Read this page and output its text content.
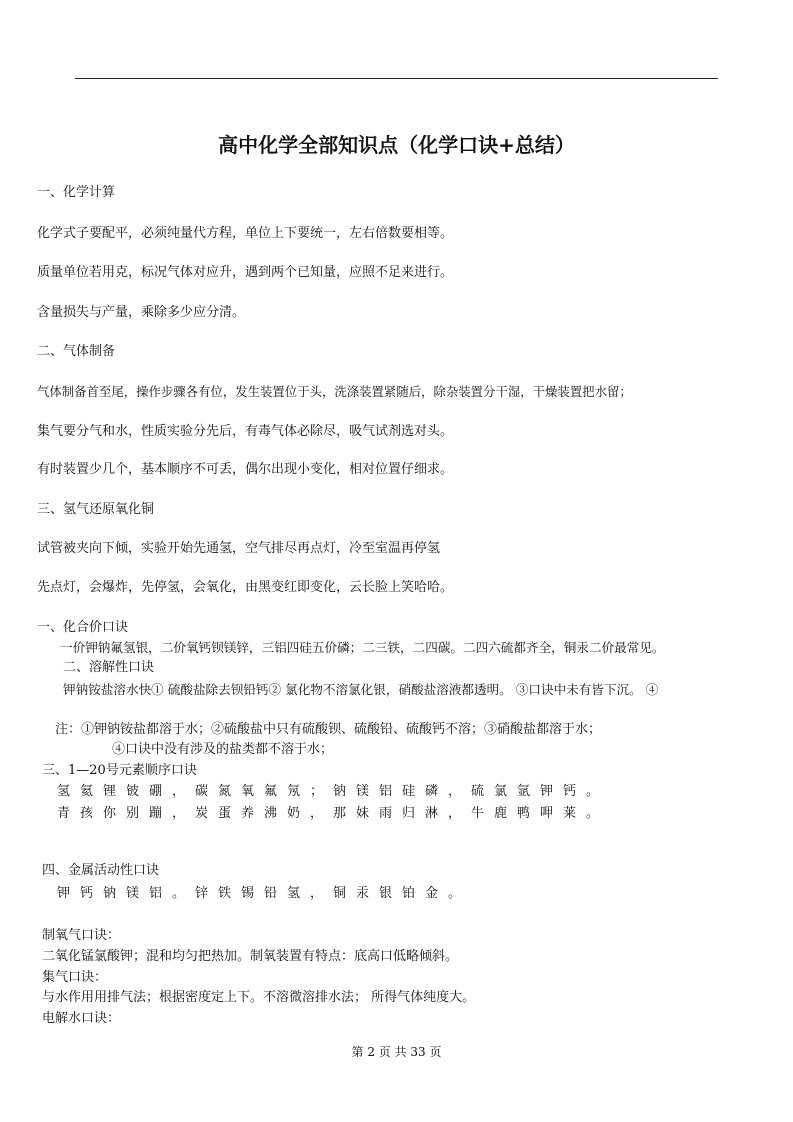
高中化学全部知识点（化学口诀+总结）
一、化学计算
化学式子要配平，必须纯量代方程，单位上下要统一，左右倍数要相等。
质量单位若用克，标况气体对应升，遇到两个已知量，应照不足来进行。
含量损失与产量，乘除多少应分清。
二、气体制备
气体制备首至尾，操作步骤各有位，发生装置位于头，洗涤装置紧随后，除杂装置分干湿，干燥装置把水留；
集气要分气和水，性质实验分先后，有毒气体必除尽，吸气试剂选对头。
有时装置少几个，基本顺序不可丢，偶尔出现小变化，相对位置仔细求。
三、氢气还原氧化铜
试管被夹向下倾，实验开始先通氢，空气排尽再点灯，冷至室温再停氢
先点灯，会爆炸，先停氢，会氧化，由黑变红即变化，云长脸上笑哈哈。
一、化合价口诀
一价钾钠氟氢银，二价氧钙钡镁锌，三铝四硅五价磷；二三铁，二四碳。二四六硫都齐全，铜汞二价最常见。
二、溶解性口诀
钾钠铵盐溶水快① 硫酸盐除去钡铅钙② 氯化物不溶氯化银，硝酸盐溶液都透明。 ③口诀中未有皆下沉。 ④
注：①钾钠铵盐都溶于水；②硫酸盐中只有硫酸钡、硫酸铅、硫酸钙不溶；③硝酸盐都溶于水；
④口诀中没有涉及的盐类都不溶于水；
三、1—20号元素顺序口诀
氢氦锂铍硼，碳氮氧氟氖；钠镁铝硅磷，硫氯氩钾钙。
青孩你别蹦，炭蛋养沸奶，那妹雨归淋，牛鹿鸭呷莱。
四、金属活动性口诀
钾钙钠镁铝。锌铁锡铅氢，铜汞银铂金。
制氧气口诀：
二氧化锰氯酸钾；混和均匀把热加。制氧装置有特点：底高口低略倾斜。
集气口诀：
与水作用用排气法；根据密度定上下。不溶微溶排水法； 所得气体纯度大。
电解水口诀：
第 2 页 共 33 页
